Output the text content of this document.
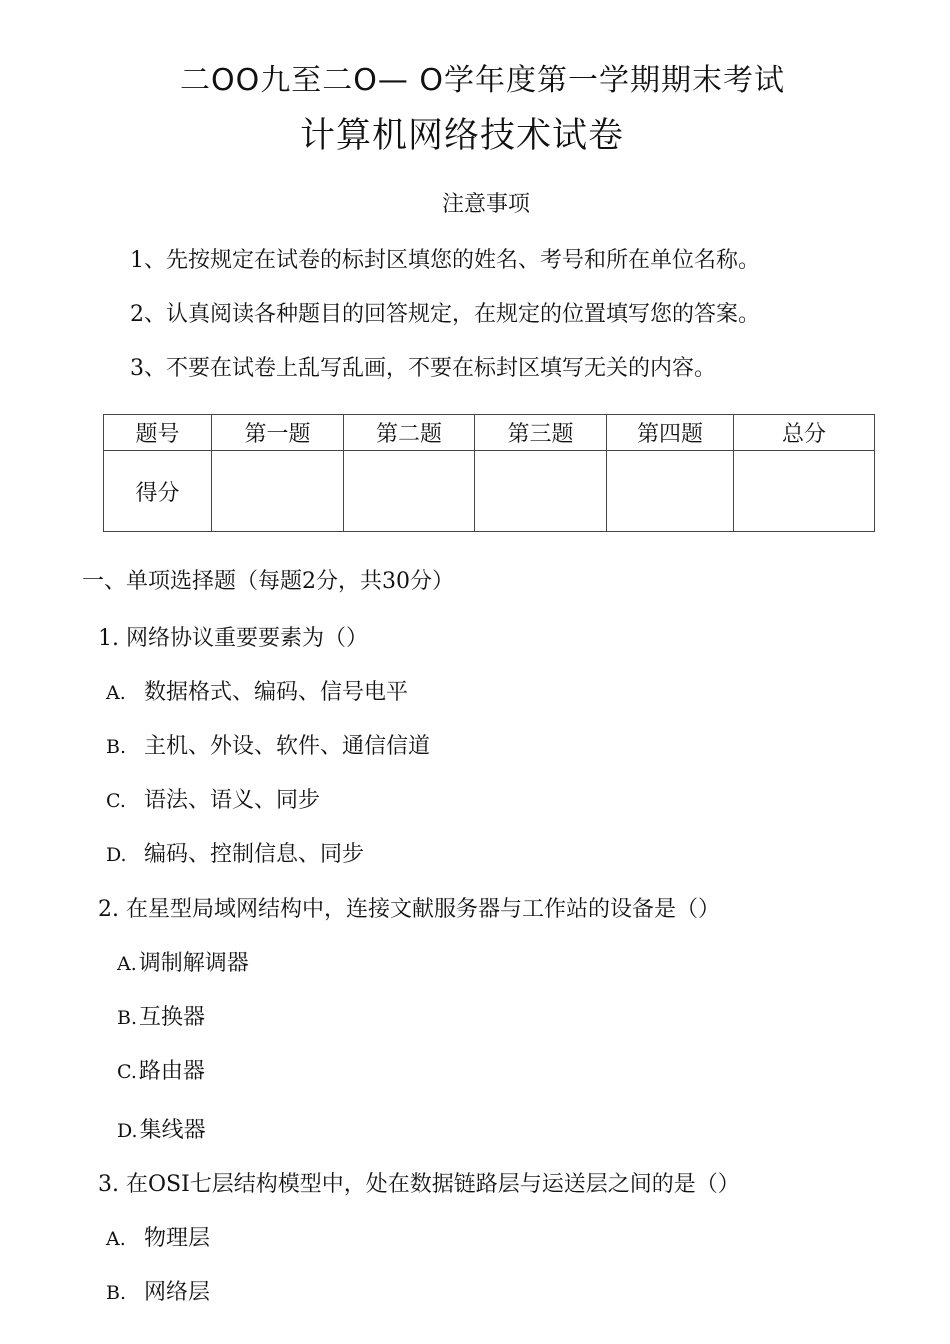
二OO九至二O— O学年度第一学期期末考试
计算机网络技术试卷
注意事项
1、先按规定在试卷的标封区填您的姓名、考号和所在单位名称。
2、认真阅读各种题目的回答规定，在规定的位置填写您的答案。
3、不要在试卷上乱写乱画，不要在标封区填写无关的内容。
题号	第一题	第二题	第三题	第四题	总分
得分					
一、单项选择题（每题2分，共30分）
1. 网络协议重要要素为（）
A. 数据格式、编码、信号电平
B. 主机、外设、软件、通信信道
C. 语法、语义、同步
D. 编码、控制信息、同步
2. 在星型局域网结构中，连接文献服务器与工作站的设备是（）
A.调制解调器
B.互换器
C.路由器
D.集线器
3. 在OSI七层结构模型中，处在数据链路层与运送层之间的是（）
A. 物理层
B. 网络层
